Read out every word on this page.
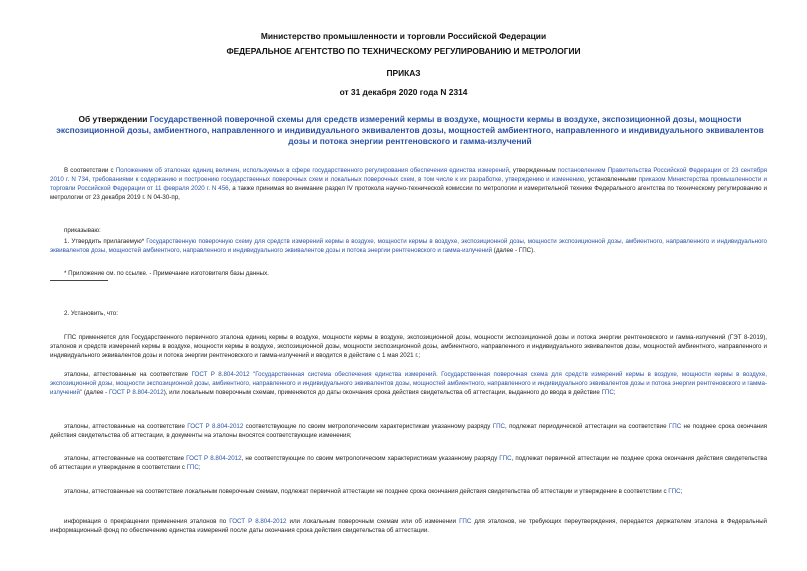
Министерство промышленности и торговли Российской Федерации
ФЕДЕРАЛЬНОЕ АГЕНТСТВО ПО ТЕХНИЧЕСКОМУ РЕГУЛИРОВАНИЮ И МЕТРОЛОГИИ
ПРИКАЗ
от 31 декабря 2020 года N 2314
Об утверждении Государственной поверочной схемы для средств измерений кермы в воздухе, мощности кермы в воздухе, экспозиционной дозы, мощности экспозиционной дозы, амбиентного, направленного и индивидуального эквивалентов дозы, мощностей амбиентного, направленного и индивидуального эквивалентов дозы и потока энергии рентгеновского и гамма-излучений
В соответствии с Положением об эталонах единиц величин, используемых в сфере государственного регулирования обеспечения единства измерений, утвержденным постановлением Правительства Российской Федерации от 23 сентября 2010 г. N 734, требованиями к содержанию и построению государственных поверочных схем и локальных поверочных схем, в том числе к их разработке, утверждению и изменению, установленными приказом Министерства промышленности и торговли Российской Федерации от 11 февраля 2020 г. N 456, а также принимая во внимание раздел IV протокола научно-технической комиссии по метрологии и измерительной технике Федерального агентства по техническому регулированию и метрологии от 23 декабря 2019 г. N 04-30-пр,
приказываю:
1. Утвердить прилагаемую* Государственную поверочную схему для средств измерений кермы в воздухе, мощности кермы в воздухе, экспозиционной дозы, мощности экспозиционной дозы, амбиентного, направленного и индивидуального эквивалентов дозы, мощностей амбиентного, направленного и индивидуального эквивалентов дозы и потока энергии рентгеновского и гамма-излучений (далее - ГПС).
* Приложение см. по ссылке. - Примечание изготовителя базы данных.
2. Установить, что:
ГПС применяется для Государственного первичного эталона единиц кермы в воздухе, мощности кермы в воздухе, экспозиционной дозы, мощности экспозиционной дозы и потока энергии рентгеновского и гамма-излучений (ГЭТ 8-2019), эталонов и средств измерений кермы в воздухе, мощности кермы в воздухе, экспозиционной дозы, мощности экспозиционной дозы, амбиентного, направленного и индивидуального эквивалентов дозы, мощностей амбиентного, направленного и индивидуального эквивалентов дозы и потока энергии рентгеновского и гамма-излучений и вводится в действие с 1 мая 2021 г.;
эталоны, аттестованные на соответствие ГОСТ Р 8.804-2012 "Государственная система обеспечения единства измерений. Государственная поверочная схема для средств измерений кермы в воздухе, мощности кермы в воздухе, экспозиционной дозы, мощности экспозиционной дозы, амбиентного, направленного и индивидуального эквивалентов дозы, мощностей амбиентного, направленного и индивидуального эквивалентов дозы и потока энергии рентгеновского и гамма-излучений" (далее - ГОСТ Р 8.804-2012), или локальным поверочным схемам, применяются до даты окончания срока действия свидетельства об аттестации, выданного до ввода в действие ГПС;
эталоны, аттестованные на соответствие ГОСТ Р 8.804-2012 соответствующие по своим метрологическим характеристикам указанному разряду ГПС, подлежат периодической аттестации на соответствие ГПС не позднее срока окончания действия свидетельства об аттестации, в документы на эталоны вносятся соответствующие изменения;
эталоны, аттестованные на соответствие ГОСТ Р 8.804-2012, не соответствующие по своим метрологическим характеристикам указанному разряду ГПС, подлежат первичной аттестации не позднее срока окончания действия свидетельства об аттестации и утверждение в соответствии с ГПС;
эталоны, аттестованные на соответствие локальным поверочным схемам, подлежат первичной аттестации не позднее срока окончания действия свидетельства об аттестации и утверждение в соответствии с ГПС;
информация о прекращении применения эталонов по ГОСТ Р 8.804-2012 или локальным поверочным схемам или об изменении ГПС для эталонов, не требующих переутверждения, передается держателем эталона в Федеральный информационный фонд по обеспечению единства измерений после даты окончания срока действия свидетельства об аттестации.
